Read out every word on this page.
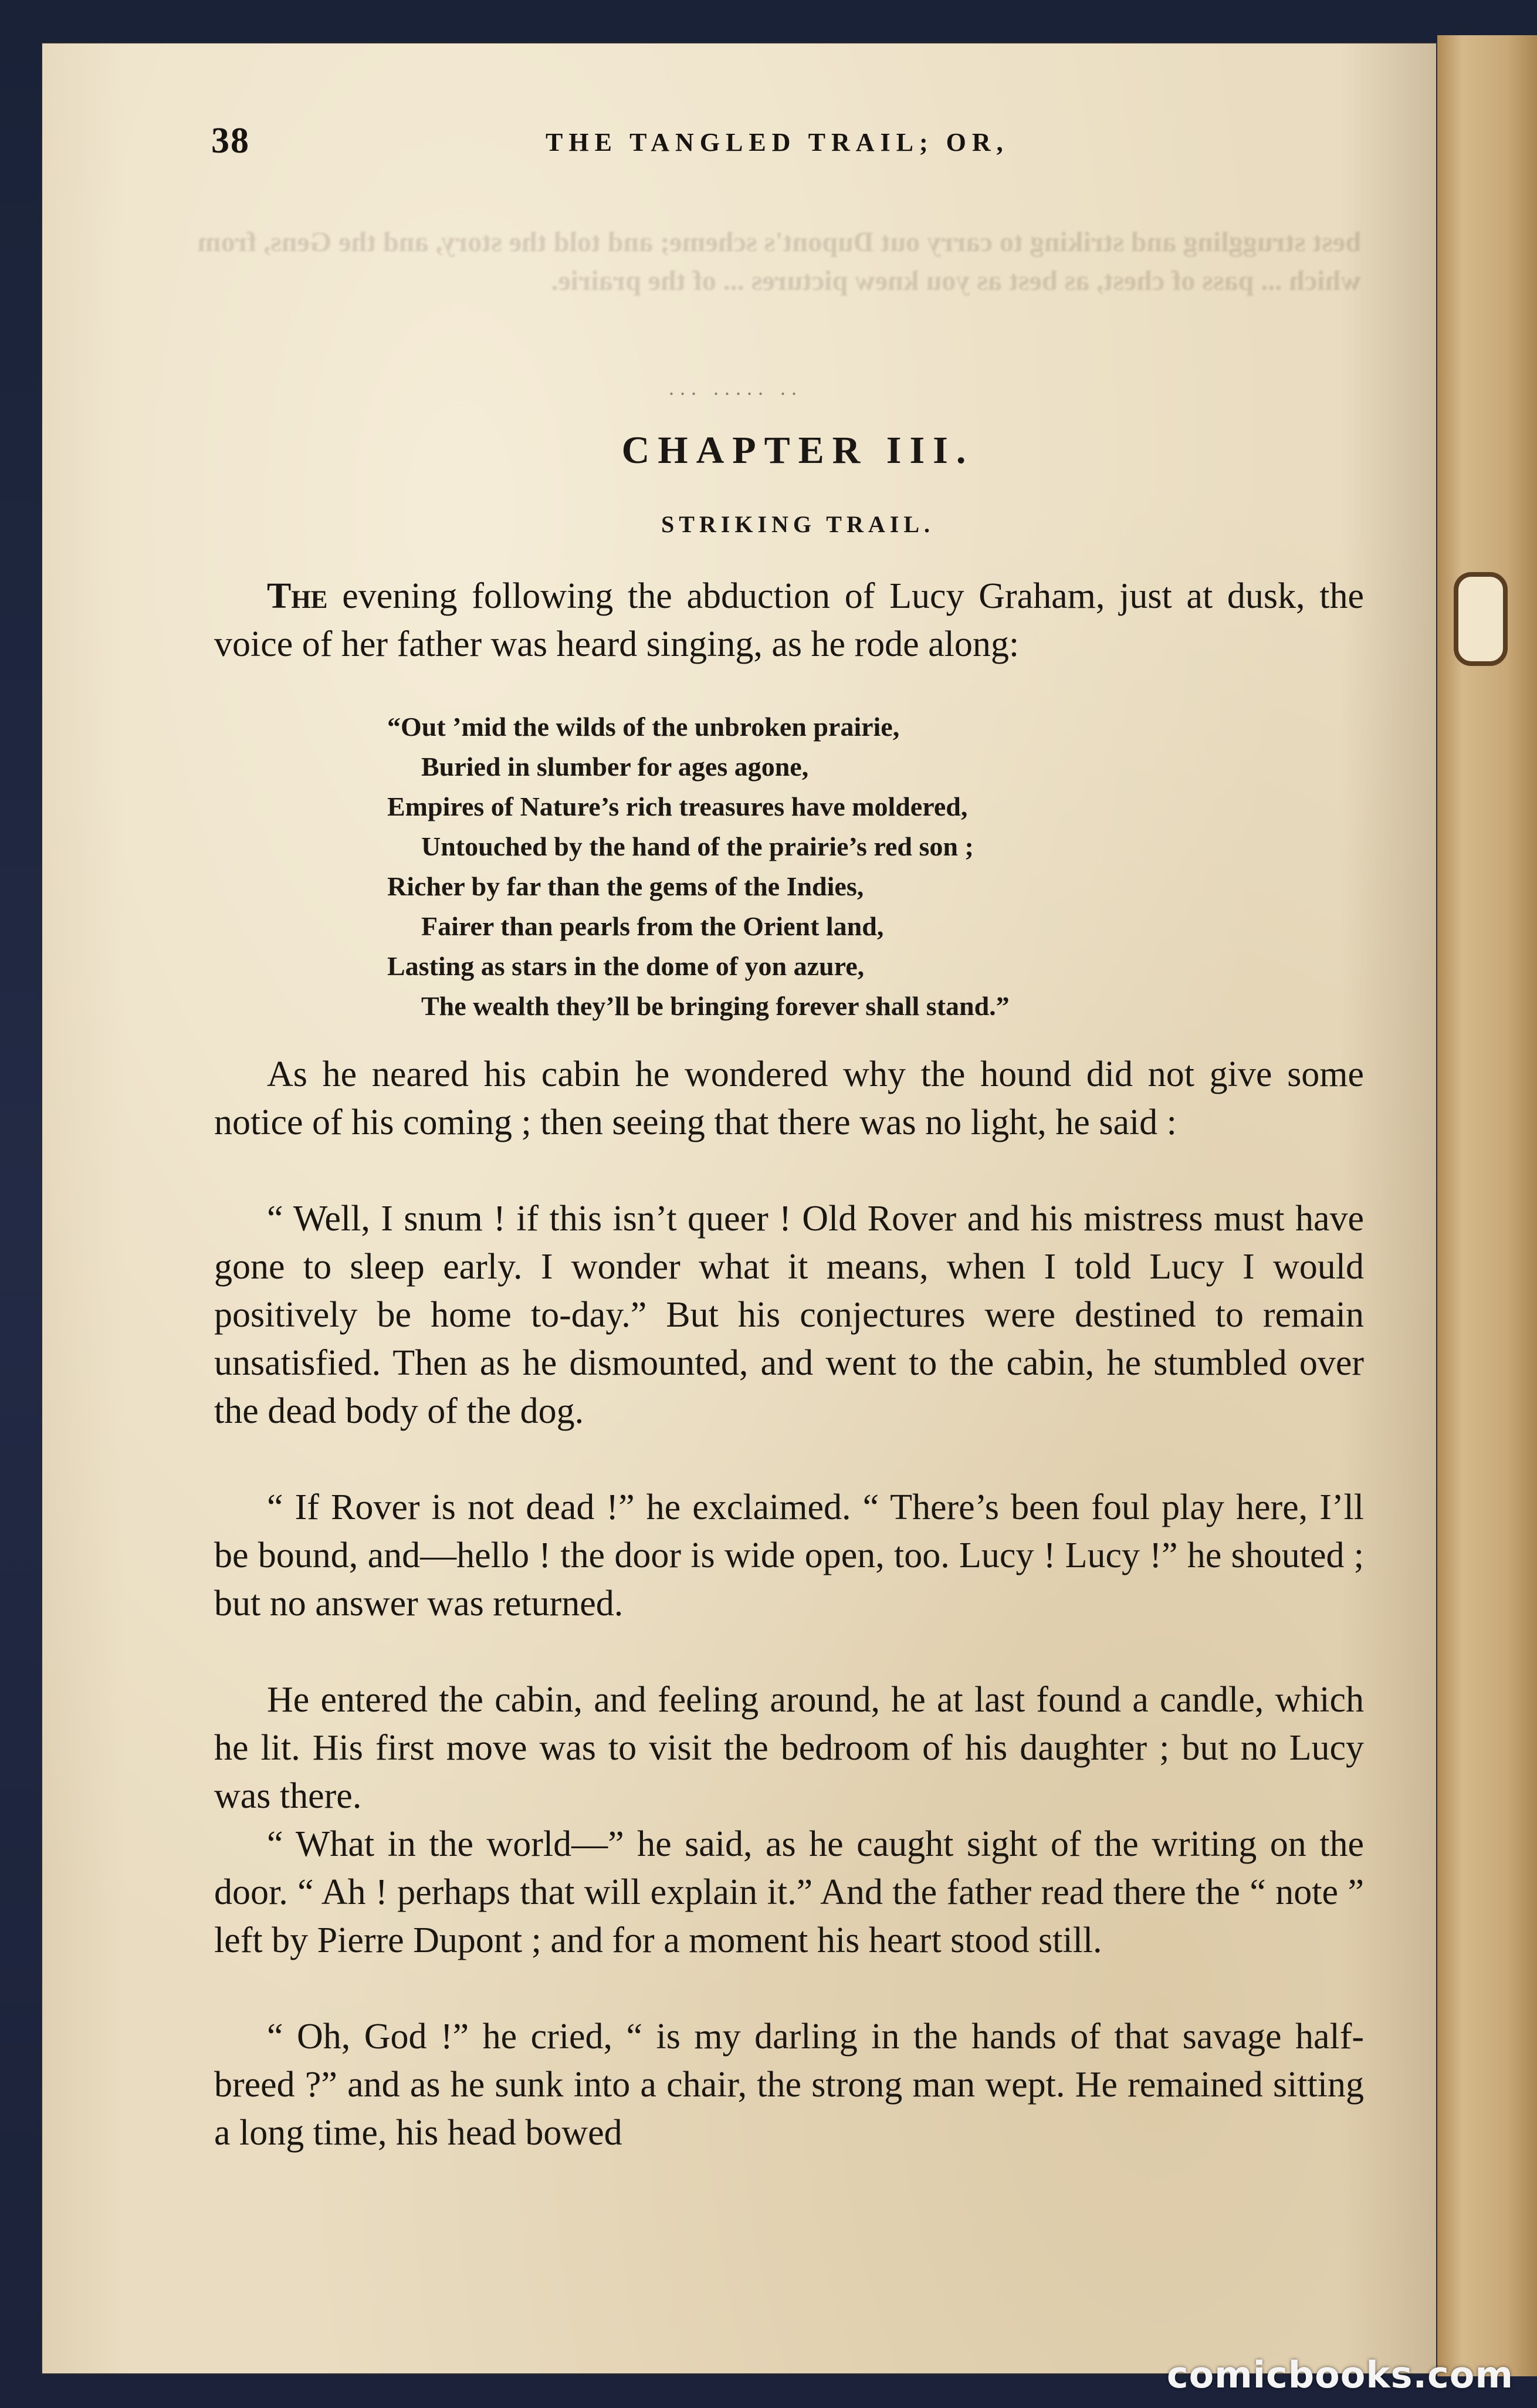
best struggling and striking to carry out Dupont's scheme; and told the story, and the Gens, from which ... pass of chest, as best as you knew pictures ... of the prairie.
38	THE TANGLED TRAIL; OR,
... ..... ..
CHAPTER III.
STRIKING TRAIL.
The evening following the abduction of Lucy Graham, just at dusk, the voice of her father was heard singing, as he rode along:
“Out ’mid the wilds of the unbroken prairie,
Buried in slumber for ages agone,
Empires of Nature’s rich treasures have moldered,
Untouched by the hand of the prairie’s red son ;
Richer by far than the gems of the Indies,
Fairer than pearls from the Orient land,
Lasting as stars in the dome of yon azure,
The wealth they’ll be bringing forever shall stand.”
As he neared his cabin he wondered why the hound did not give some notice of his coming ; then seeing that there was no light, he said :
“ Well, I snum ! if this isn’t queer ! Old Rover and his mistress must have gone to sleep early. I wonder what it means, when I told Lucy I would positively be home to-day.” But his conjectures were destined to remain unsatisfied. Then as he dismounted, and went to the cabin, he stumbled over the dead body of the dog.
“ If Rover is not dead !” he exclaimed. “ There’s been foul play here, I’ll be bound, and—hello ! the door is wide open, too. Lucy ! Lucy !” he shouted ; but no answer was returned.
He entered the cabin, and feeling around, he at last found a candle, which he lit. His first move was to visit the bedroom of his daughter ; but no Lucy was there.
“ What in the world—” he said, as he caught sight of the writing on the door. “ Ah ! perhaps that will explain it.” And the father read there the “ note ” left by Pierre Dupont ; and for a moment his heart stood still.
“ Oh, God !” he cried, “ is my darling in the hands of that savage half-breed ?” and as he sunk into a chair, the strong man wept. He remained sitting a long time, his head bowed
comicbooks.com
